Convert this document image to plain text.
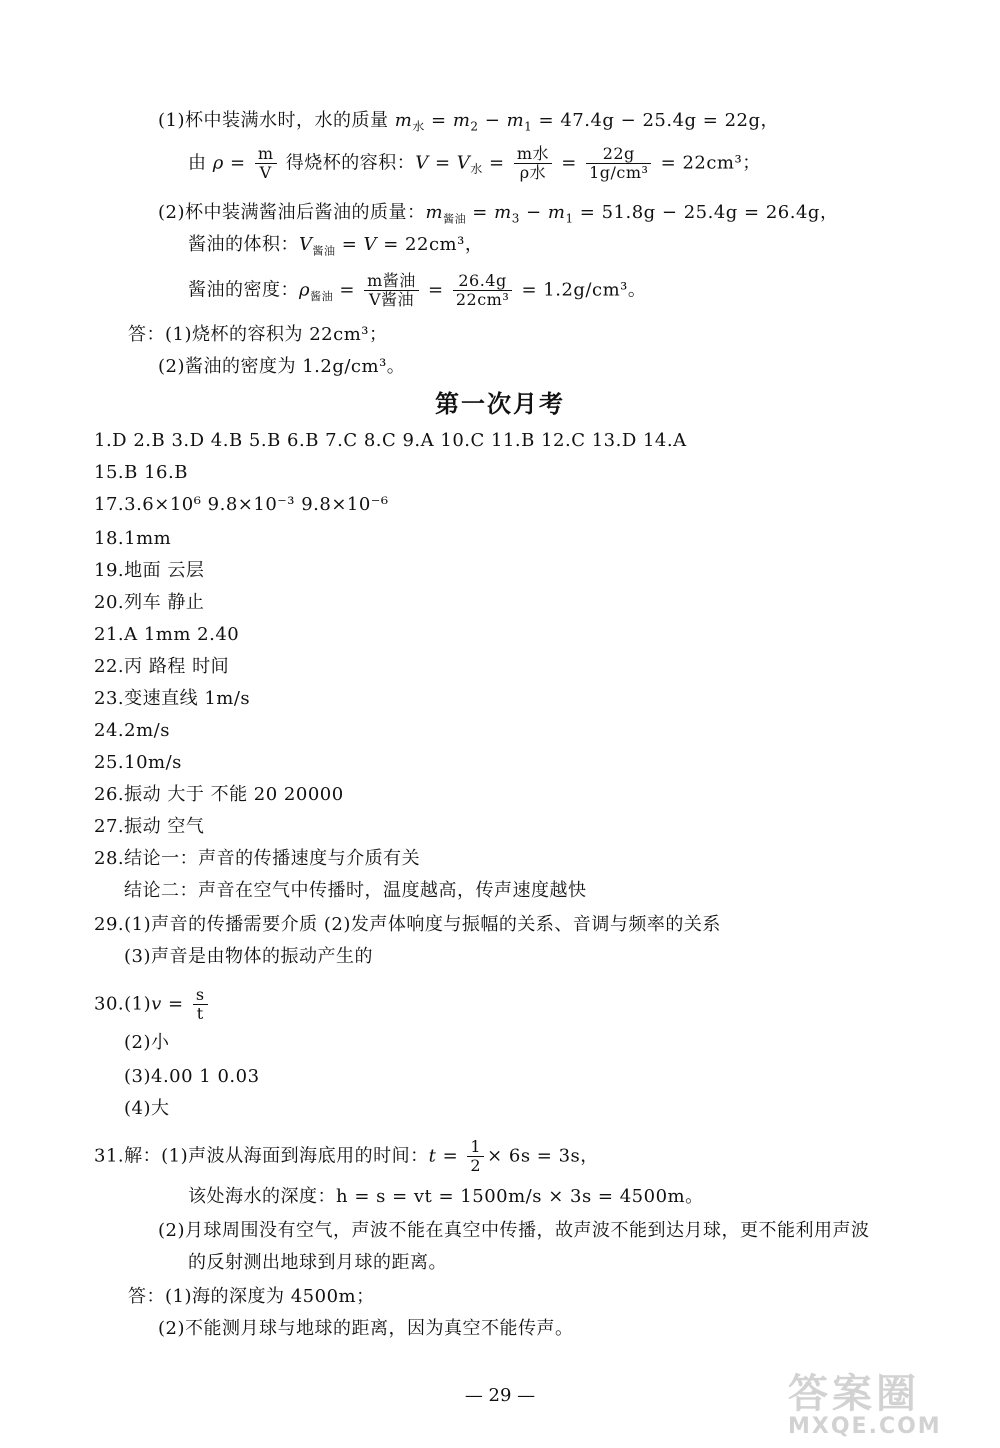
(1)杯中装满水时，水的质量 $m_水 = m_2 - m_1 = 47.4g - 25.4g = 22g$，
由 $\rho = \frac{m}{V}$ 得烧杯的容积：$V = V_水 = \frac{\text{m水}}{\text{ρ水}} = \frac{22g}{\text{1g/cm³}} = 22cm^3$；
(2)杯中装满酱油后酱油的质量：$m_{酱油} = m_3 - m_1 = 51.8g - 25.4g = 26.4g$，
酱油的体积：$V_{酱油} = V = 22cm^3$，
酱油的密度：$\rho_{酱油} = \frac{\text{m酱油}}{\text{V酱油}} = \frac{26.4g}{\text{22cm³}} = 1.2g/cm^3$。
答：(1)烧杯的容积为 22cm³；
(2)酱油的密度为 1.2g/cm³。
第一次月考
1.D 2.B 3.D 4.B 5.B 6.B 7.C 8.C 9.A 10.C 11.B 12.C 13.D 14.A
15.B 16.B
17.3.6×10⁶ 9.8×10⁻³ 9.8×10⁻⁶
18.1mm
19.地面 云层
20.列车 静止
21.A 1mm 2.40
22.丙 路程 时间
23.变速直线 1m/s
24.2m/s
25.10m/s
26.振动 大于 不能 20 20000
27.振动 空气
28.结论一：声音的传播速度与介质有关
结论二：声音在空气中传播时，温度越高，传声速度越快
29.(1)声音的传播需要介质 (2)发声体响度与振幅的关系、音调与频率的关系
(3)声音是由物体的振动产生的
$30.(1)v = \frac{s}{t}$
(2)小
(3)4.00 1 0.03
(4)大
31.解：(1)声波从海面到海底用的时间：$t = \frac{1}{2} \times 6s = 3s$，
该处海水的深度：h = s = vt = 1500m/s × 3s = 4500m。
(2)月球周围没有空气，声波不能在真空中传播，故声波不能到达月球，更不能利用声波
的反射测出地球到月球的距离。
答：(1)海的深度为 4500m；
(2)不能测月球与地球的距离，因为真空不能传声。
— 29 —	答案圈
MXQE.COM
